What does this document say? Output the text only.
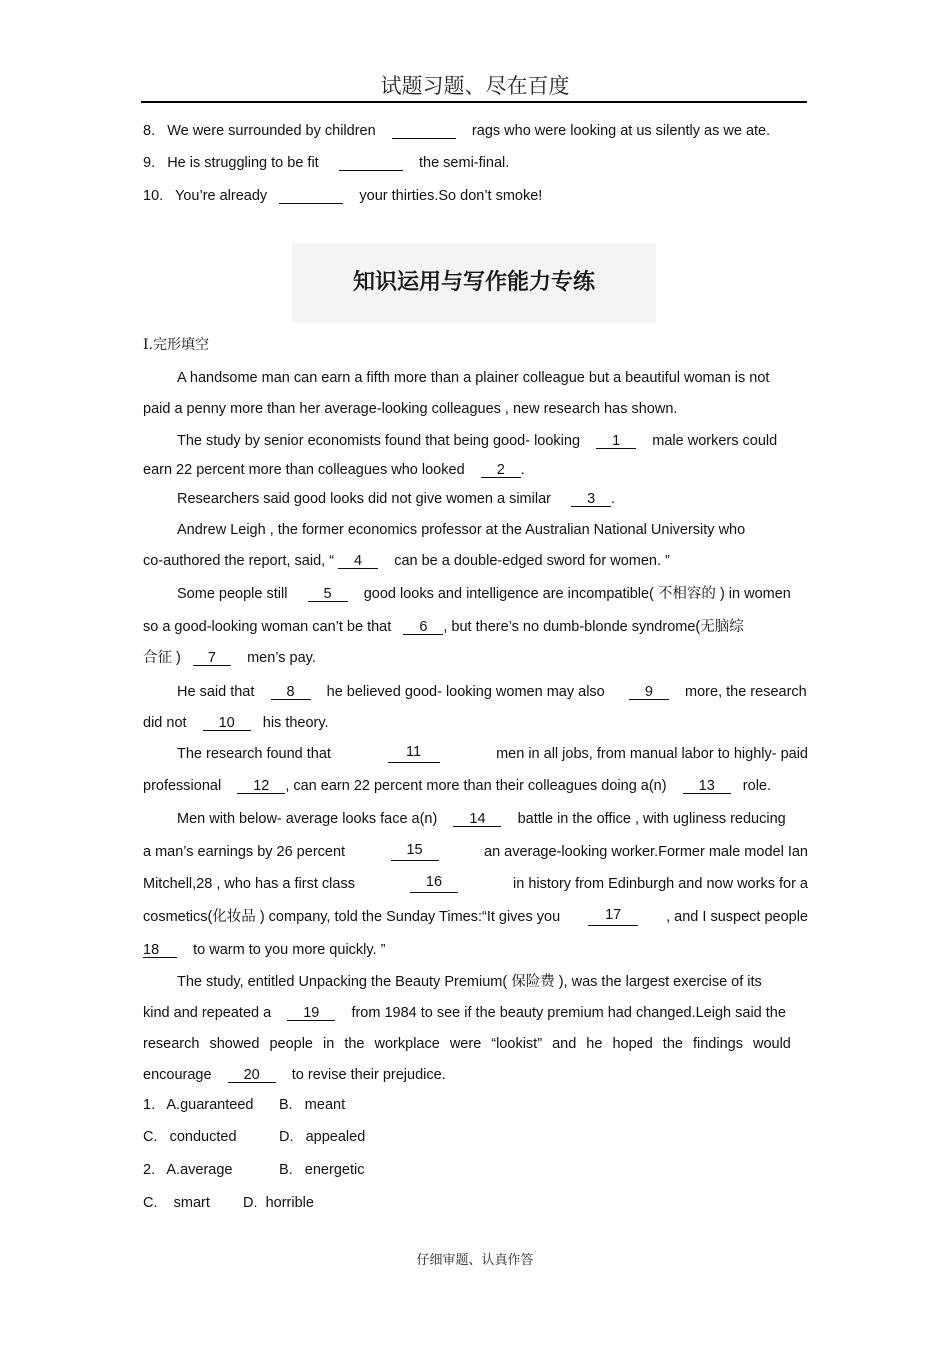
试题习题、尽在百度
8. We were surrounded by children	rags who were looking at us silently as we ate.
9. He is struggling to be fit	the semi-final.
10. You’re already	your thirties.So don’t smoke!
知识运用与写作能力专练
Ⅰ.完形填空
A handsome man can earn a fifth more than a plainer colleague but a beautiful woman is not
paid a penny more than her average-looking colleagues , new research has shown.
The study by senior economists found that being good- looking 1 male workers could
earn 22 percent more than colleagues who looked 2 .
Researchers said good looks did not give women a similar 3 .
Andrew Leigh , the former economics professor at the Australian National University who
co-authored the report, said, “ 4 can be a double-edged sword for women. ”
Some people still 5 good looks and intelligence are incompatible( 不相容的 ) in women
so a good-looking woman can’t be that 6 , but there’s no dumb-blonde syndrome(无脑综
合征 ) 7 men’s pay.
He said that 8 he believed good- looking women may also	9 more, the research
did not 10 his theory.
The research found that	11	men in all jobs, from manual labor to highly- paid
professional 12 , can earn 22 percent more than their colleagues doing a(n) 13 role.
Men with below- average looks face a(n) 14 battle in the office , with ugliness reducing
a man’s earnings by 26 percent	15	an average-looking worker.Former male model Ian
Mitchell,28 , who has a first class	16	in history from Edinburgh and now works for a
cosmetics(化妆品 ) company, told the Sunday Times:“It gives you	17	, and I suspect people
18 to warm to you more quickly. ”
The study, entitled Unpacking the Beauty Premium( 保险费 ), was the largest exercise of its
kind and repeated a 19 from 1984 to see if the beauty premium had changed.Leigh said the
research showed people in the workplace were “lookist” and he hoped the findings would
encourage 20 to revise their prejudice.
1. A.guaranteed B. meant
C. conducted	D. appealed
2. A.average	B. energetic
C. smart D. horrible
仔细审题、认真作答
